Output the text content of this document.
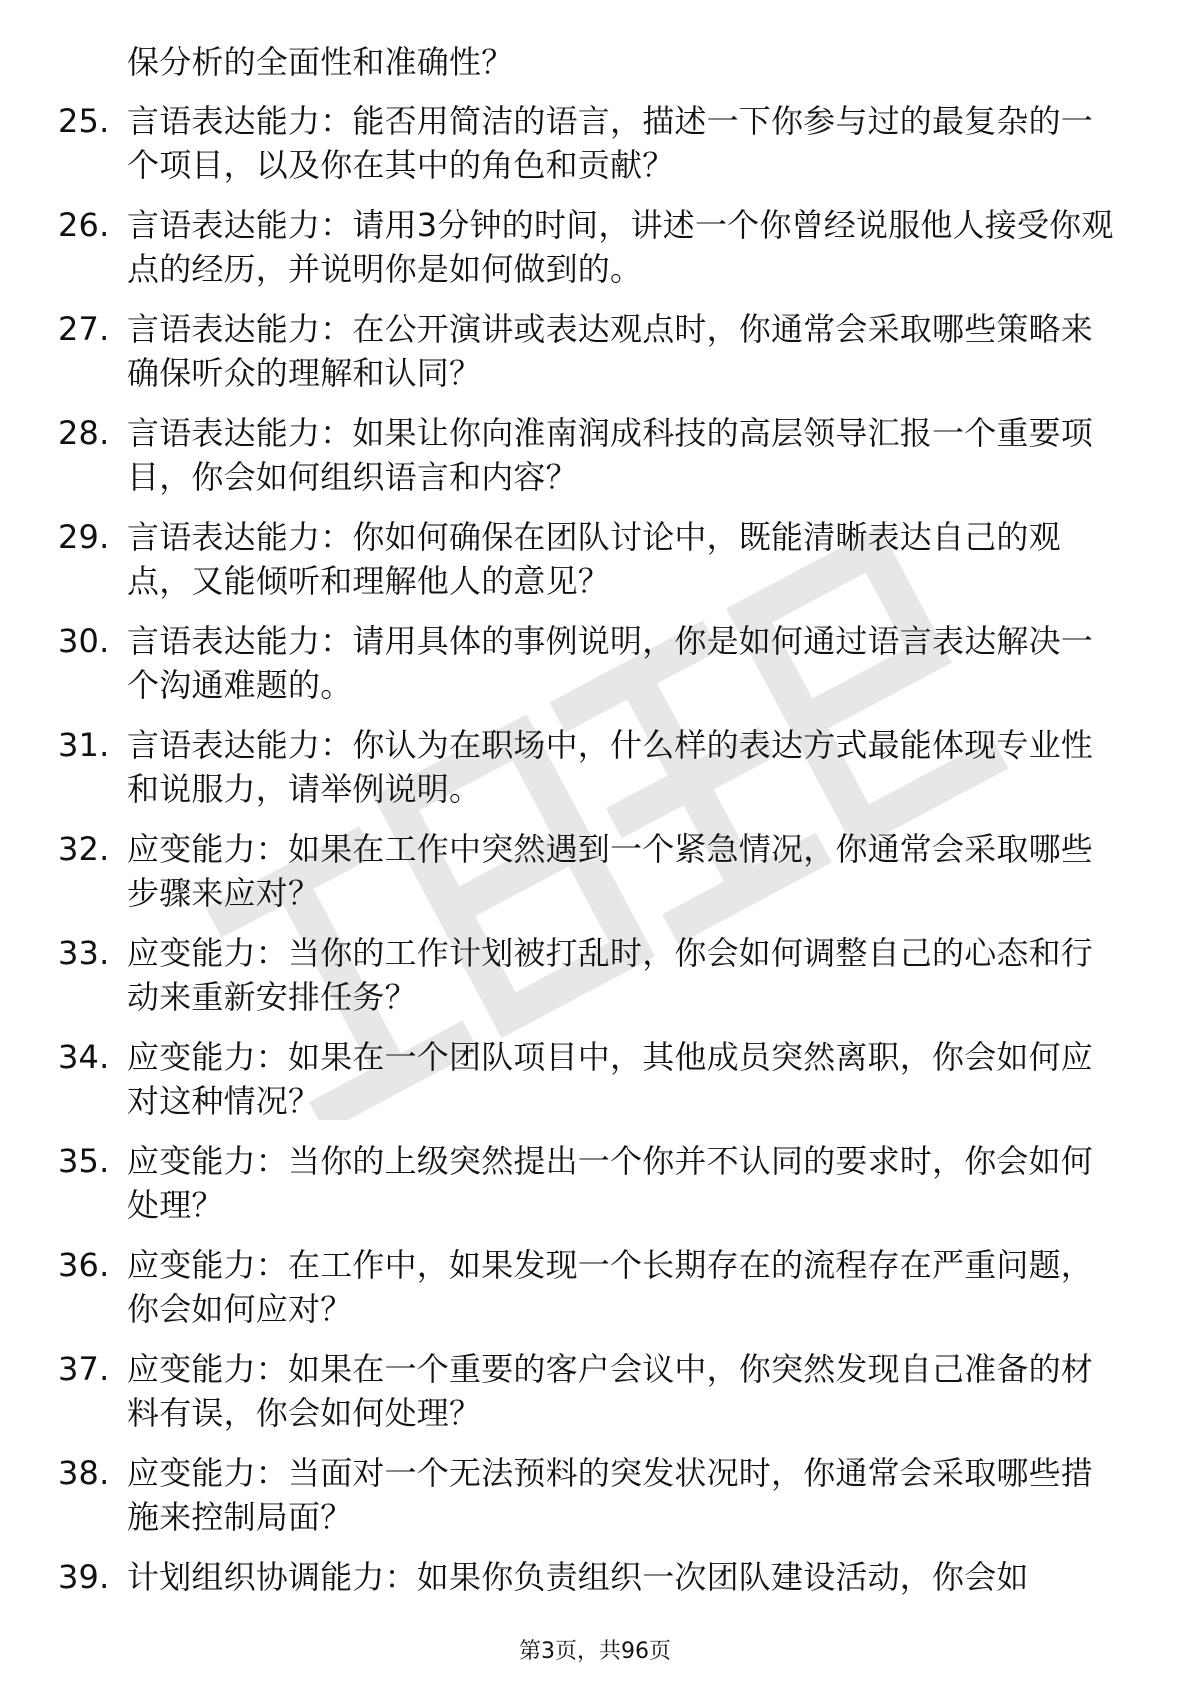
保分析的全面性和准确性？
25. 言语表达能力：能否用简洁的语言，描述一下你参与过的最复杂的一个项目，以及你在其中的角色和贡献？
26. 言语表达能力：请用3分钟的时间，讲述一个你曾经说服他人接受你观点的经历，并说明你是如何做到的。
27. 言语表达能力：在公开演讲或表达观点时，你通常会采取哪些策略来确保听众的理解和认同？
28. 言语表达能力：如果让你向淮南润成科技的高层领导汇报一个重要项目，你会如何组织语言和内容？
29. 言语表达能力：你如何确保在团队讨论中，既能清晰表达自己的观点，又能倾听和理解他人的意见？
30. 言语表达能力：请用具体的事例说明，你是如何通过语言表达解决一个沟通难题的。
31. 言语表达能力：你认为在职场中，什么样的表达方式最能体现专业性和说服力，请举例说明。
32. 应变能力：如果在工作中突然遇到一个紧急情况，你通常会采取哪些步骤来应对？
33. 应变能力：当你的工作计划被打乱时，你会如何调整自己的心态和行动来重新安排任务？
34. 应变能力：如果在一个团队项目中，其他成员突然离职，你会如何应对这种情况？
35. 应变能力：当你的上级突然提出一个你并不认同的要求时，你会如何处理？
36. 应变能力：在工作中，如果发现一个长期存在的流程存在严重问题，你会如何应对？
37. 应变能力：如果在一个重要的客户会议中，你突然发现自己准备的材料有误，你会如何处理？
38. 应变能力：当面对一个无法预料的突发状况时，你通常会采取哪些措施来控制局面？
39. 计划组织协调能力：如果你负责组织一次团队建设活动，你会如
第3页，共96页
